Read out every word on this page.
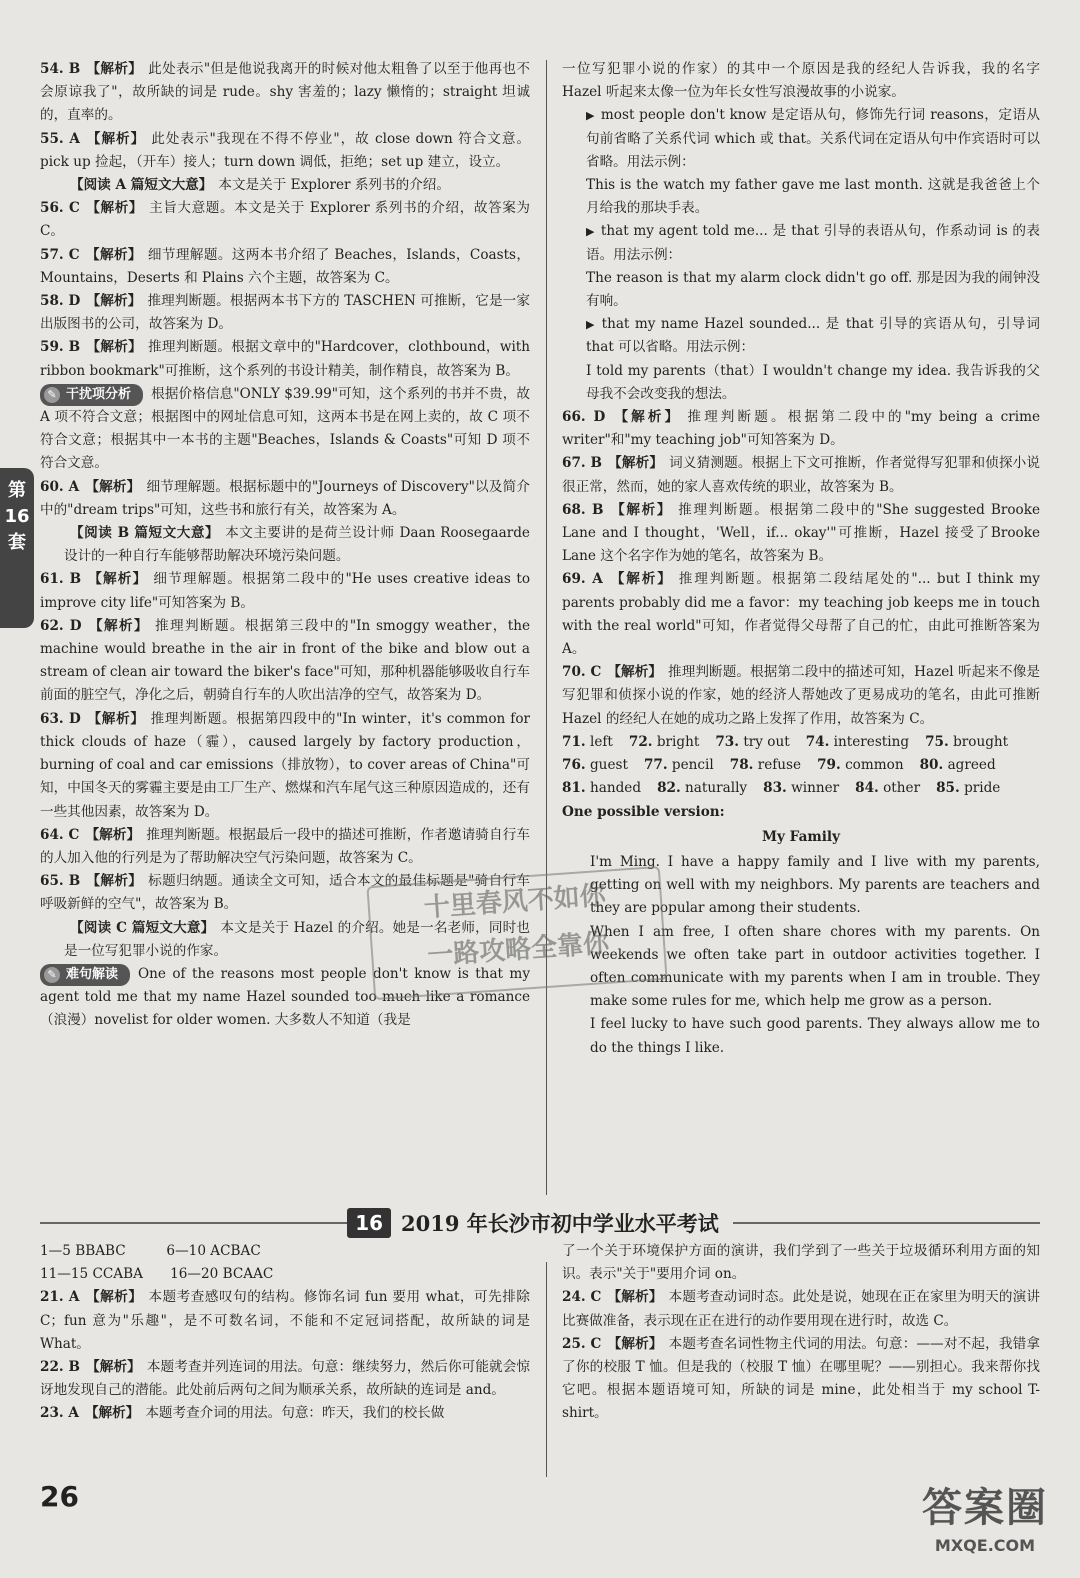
第16套

54. B 【解析】 此处表示"但是他说我离开的时候对他太粗鲁了以至于他再也不会原谅我了"，故所缺的词是 rude。shy 害羞的；lazy 懒惰的；straight 坦诚的，直率的。

55. A 【解析】 此处表示"我现在不得不停业"，故 close down 符合文意。pick up 捡起，（开车）接人；turn down 调低，拒绝；set up 建立，设立。

【阅读 A 篇短文大意】 本文是关于 Explorer 系列书的介绍。

56. C 【解析】 主旨大意题。本文是关于 Explorer 系列书的介绍，故答案为 C。

57. C 【解析】 细节理解题。这两本书介绍了 Beaches，Islands，Coasts，Mountains，Deserts 和 Plains 六个主题，故答案为 C。

58. D 【解析】 推理判断题。根据两本书下方的 TASCHEN 可推断，它是一家出版图书的公司，故答案为 D。

59. B 【解析】 推理判断题。根据文章中的"Hardcover，clothbound，with ribbon bookmark"可推断，这个系列的书设计精美，制作精良，故答案为 B。

✎ 干扰项分析 根据价格信息"ONLY $39.99"可知，这个系列的书并不贵，故 A 项不符合文意；根据图中的网址信息可知，这两本书是在网上卖的，故 C 项不符合文意；根据其中一本书的主题"Beaches，Islands & Coasts"可知 D 项不符合文意。

60. A 【解析】 细节理解题。根据标题中的"Journeys of Discovery"以及简介中的"dream trips"可知，这些书和旅行有关，故答案为 A。

【阅读 B 篇短文大意】 本文主要讲的是荷兰设计师 Daan Roosegaarde 设计的一种自行车能够帮助解决环境污染问题。

61. B 【解析】 细节理解题。根据第二段中的"He uses creative ideas to improve city life"可知答案为 B。

62. D 【解析】 推理判断题。根据第三段中的"In smoggy weather，the machine would breathe in the air in front of the bike and blow out a stream of clean air toward the biker's face"可知，那种机器能够吸收自行车前面的脏空气，净化之后，朝骑自行车的人吹出洁净的空气，故答案为 D。

63. D 【解析】 推理判断题。根据第四段中的"In winter，it's common for thick clouds of haze（霾），caused largely by factory production，burning of coal and car emissions（排放物），to cover areas of China"可知，中国冬天的雾霾主要是由工厂生产、燃煤和汽车尾气这三种原因造成的，还有一些其他因素，故答案为 D。

64. C 【解析】 推理判断题。根据最后一段中的描述可推断，作者邀请骑自行车的人加入他的行列是为了帮助解决空气污染问题，故答案为 C。

65. B 【解析】 标题归纳题。通读全文可知，适合本文的最佳标题是"骑自行车呼吸新鲜的空气"，故答案为 B。

【阅读 C 篇短文大意】 本文是关于 Hazel 的介绍。她是一名老师，同时也是一位写犯罪小说的作家。

✎ 难句解读 One of the reasons most people don't know is that my agent told me that my name Hazel sounded too much like a romance（浪漫）novelist for older women. 大多数人不知道（我是

一位写犯罪小说的作家）的其中一个原因是我的经纪人告诉我，我的名字 Hazel 听起来太像一位为年长女性写浪漫故事的小说家。

▶ most people don't know 是定语从句，修饰先行词 reasons，定语从句前省略了关系代词 which 或 that。关系代词在定语从句中作宾语时可以省略。用法示例：

This is the watch my father gave me last month. 这就是我爸爸上个月给我的那块手表。

▶ that my agent told me... 是 that 引导的表语从句，作系动词 is 的表语。用法示例：

The reason is that my alarm clock didn't go off. 那是因为我的闹钟没有响。

▶ that my name Hazel sounded... 是 that 引导的宾语从句，引导词 that 可以省略。用法示例：

I told my parents（that）I wouldn't change my idea. 我告诉我的父母我不会改变我的想法。

66. D 【解析】 推理判断题。根据第二段中的"my being a crime writer"和"my teaching job"可知答案为 D。

67. B 【解析】 词义猜测题。根据上下文可推断，作者觉得写犯罪和侦探小说很正常，然而，她的家人喜欢传统的职业，故答案为 B。

68. B 【解析】 推理判断题。根据第二段中的"She suggested Brooke Lane and I thought，'Well，if... okay'"可推断，Hazel 接受了Brooke Lane 这个名字作为她的笔名，故答案为 B。

69. A 【解析】 推理判断题。根据第二段结尾处的"... but I think my parents probably did me a favor：my teaching job keeps me in touch with the real world"可知，作者觉得父母帮了自己的忙，由此可推断答案为 A。

70. C 【解析】 推理判断题。根据第二段中的描述可知，Hazel 听起来不像是写犯罪和侦探小说的作家，她的经济人帮她改了更易成功的笔名，由此可推断 Hazel 的经纪人在她的成功之路上发挥了作用，故答案为 C。

71. left 72. bright 73. try out 74. interesting 75. brought
76. guest 77. pencil 78. refuse 79. common 80. agreed
81. handed 82. naturally 83. winner 84. other 85. pride

One possible version:

My Family

I'm Ming. I have a happy family and I live with my parents, getting on well with my neighbors. My parents are teachers and they are popular among their students.

When I am free, I often share chores with my parents. On weekends we often take part in outdoor activities together. I often communicate with my parents when I am in trouble. They make some rules for me, which help me grow as a person.

I feel lucky to have such good parents. They always allow me to do the things I like.

十里春风不如你
一路攻略全靠你
16 2019 年长沙市初中学业水平考试

1—5 BBABC　　　6—10 ACBAC

11—15 CCABA　　16—20 BCAAC

21. A 【解析】 本题考查感叹句的结构。修饰名词 fun 要用 what，可先排除 C；fun 意为"乐趣"，是不可数名词，不能和不定冠词搭配，故所缺的词是 What。

22. B 【解析】 本题考查并列连词的用法。句意：继续努力，然后你可能就会惊讶地发现自己的潜能。此处前后两句之间为顺承关系，故所缺的连词是 and。

23. A 【解析】 本题考查介词的用法。句意：昨天，我们的校长做

了一个关于环境保护方面的演讲，我们学到了一些关于垃圾循环利用方面的知识。表示"关于"要用介词 on。

24. C 【解析】 本题考查动词时态。此处是说，她现在正在家里为明天的演讲比赛做准备，表示现在正在进行的动作要用现在进行时，故选 C。

25. C 【解析】 本题考查名词性物主代词的用法。句意：——对不起，我错拿了你的校服 T 恤。但是我的（校服 T 恤）在哪里呢？——别担心。我来帮你找它吧。根据本题语境可知，所缺的词是 mine，此处相当于 my school T-shirt。

26	答案圈
MXQE.COM
